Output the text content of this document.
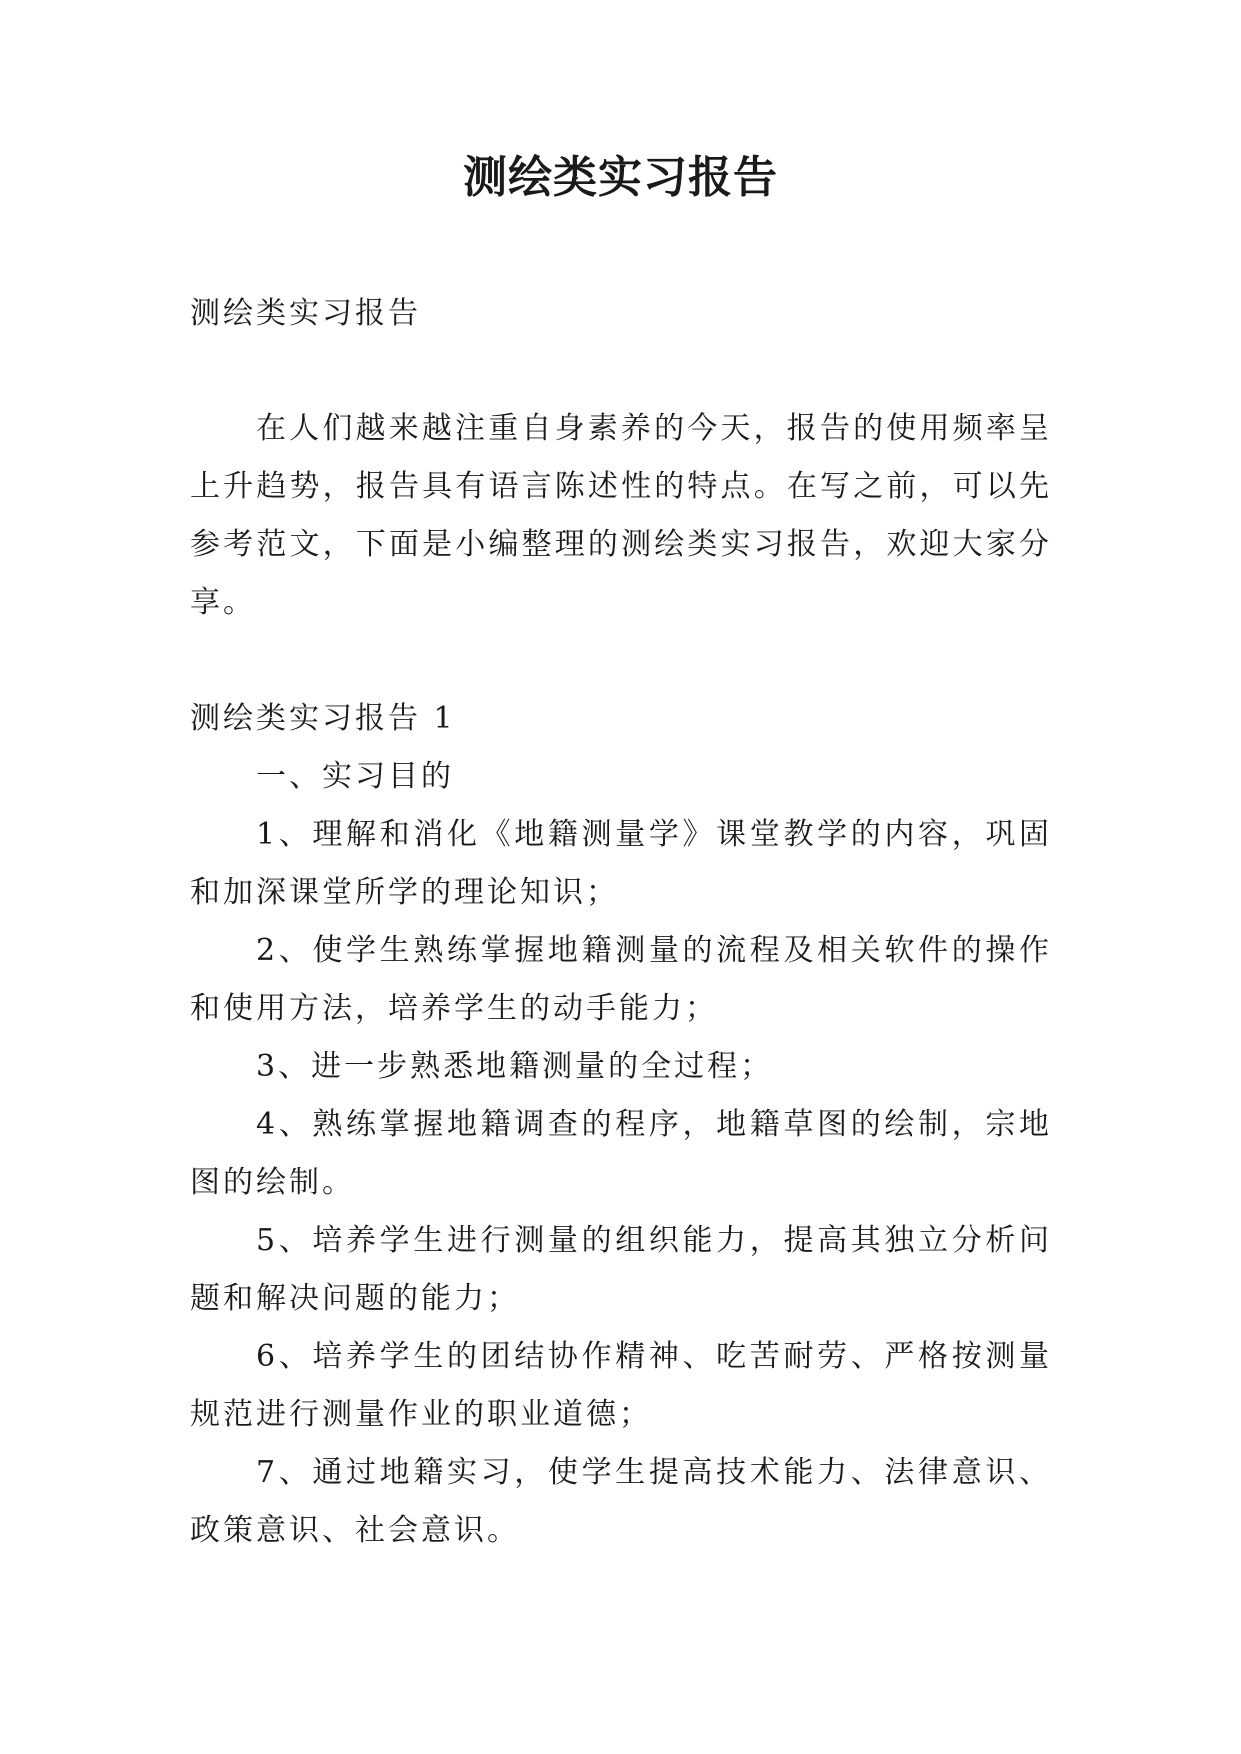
测绘类实习报告

测绘类实习报告

在人们越来越注重自身素养的今天，报告的使用频率呈上升趋势，报告具有语言陈述性的特点。在写之前，可以先参考范文，下面是小编整理的测绘类实习报告，欢迎大家分享。

测绘类实习报告 1

一、实习目的

1、理解和消化《地籍测量学》课堂教学的内容，巩固和加深课堂所学的理论知识；

2、使学生熟练掌握地籍测量的流程及相关软件的操作和使用方法，培养学生的动手能力；

3、进一步熟悉地籍测量的全过程；

4、熟练掌握地籍调查的程序，地籍草图的绘制，宗地图的绘制。

5、培养学生进行测量的组织能力，提高其独立分析问题和解决问题的能力；

6、培养学生的团结协作精神、吃苦耐劳、严格按测量规范进行测量作业的职业道德；

7、通过地籍实习，使学生提高技术能力、法律意识、政策意识、社会意识。
